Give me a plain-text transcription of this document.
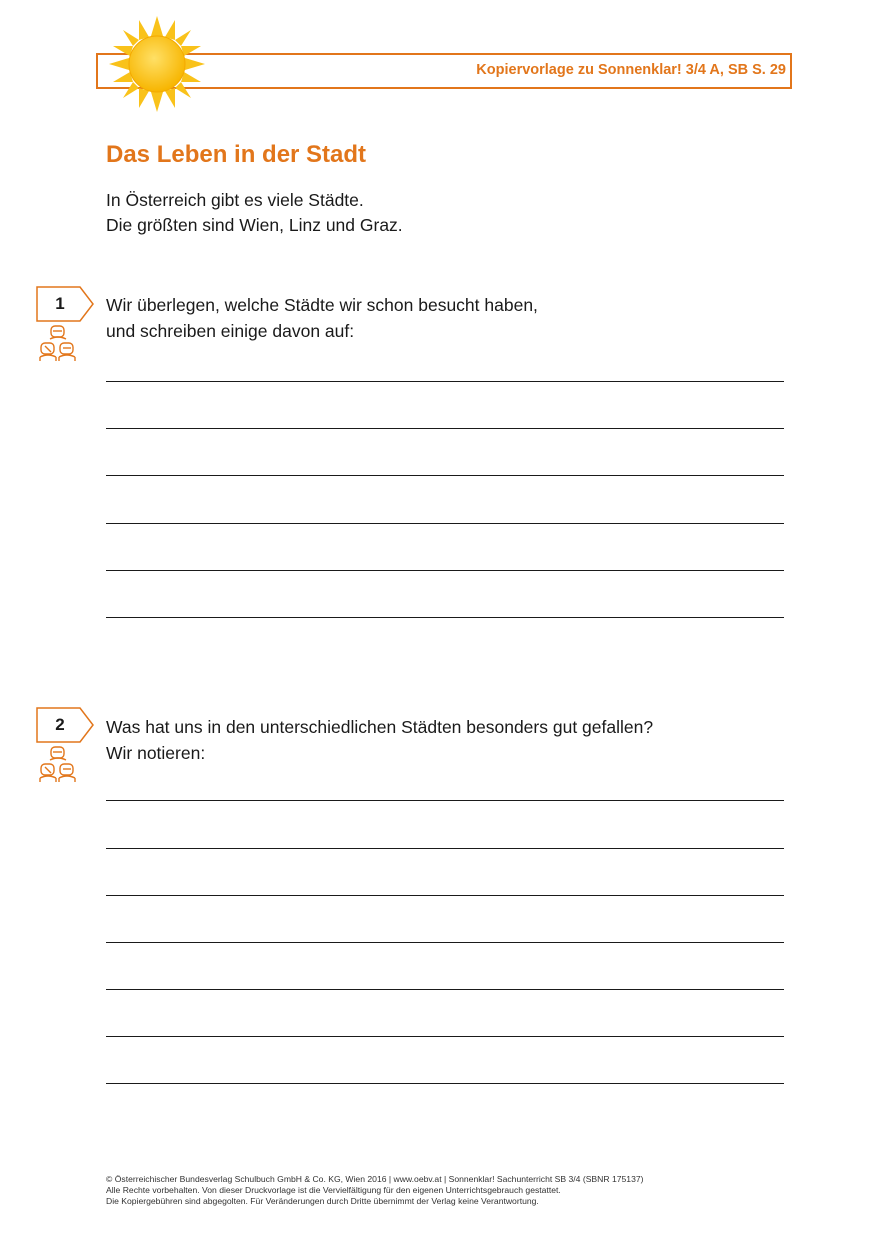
Kopiervorlage zu Sonnenklar! 3/4 A, SB S. 29
Das Leben in der Stadt
In Österreich gibt es viele Städte.
Die größten sind Wien, Linz und Graz.
1	Wir überlegen, welche Städte wir schon besucht haben,
und schreiben einige davon auf:
2	Was hat uns in den unterschiedlichen Städten besonders gut gefallen?
Wir notieren:
© Österreichischer Bundesverlag Schulbuch GmbH & Co. KG, Wien 2016 | www.oebv.at | Sonnenklar! Sachunterricht SB 3/4 (SBNR 175137)
Alle Rechte vorbehalten. Von dieser Druckvorlage ist die Vervielfältigung für den eigenen Unterrichtsgebrauch gestattet.
Die Kopiergebühren sind abgegolten. Für Veränderungen durch Dritte übernimmt der Verlag keine Verantwortung.
